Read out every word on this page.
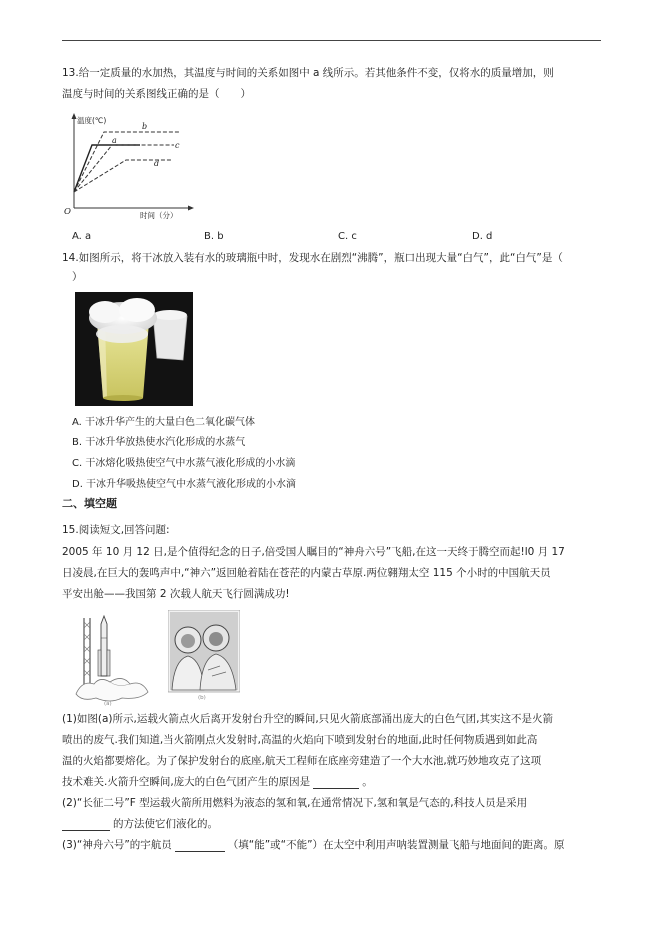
13.给一定质量的水加热，其温度与时间的关系如图中 a 线所示。若其他条件不变，仅将水的质量增加，则
温度与时间的关系图线正确的是（　　）
温度(℃)
时间（分）
O
b
a
c
d
A. a	B. b	C. c	D. d
14.如图所示，将干冰放入装有水的玻璃瓶中时，发现水在剧烈“沸腾”，瓶口出现大量“白气”，此“白气”是（
）
A. 干冰升华产生的大量白色二氧化碳气体
B. 干冰升华放热使水汽化形成的水蒸气
C. 干冰熔化吸热使空气中水蒸气液化形成的小水滴
D. 干冰升华吸热使空气中水蒸气液化形成的小水滴
二、填空题
15.阅读短文,回答问题:
2005 年 10 月 12 日,是个值得纪念的日子,倍受国人瞩目的“神舟六号”飞船,在这一天终于腾空而起!l0 月 17
日凌晨,在巨大的轰鸣声中,“神六”返回舱着陆在苍茫的内蒙古草原.两位翱翔太空 115 个小时的中国航天员
平安出舱——我国第 2 次载人航天飞行圆满成功!
(a)
(b)
(1)如图(a)所示,运载火箭点火后离开发射台升空的瞬间,只见火箭底部涌出庞大的白色气团,其实这不是火箭
喷出的废气.我们知道,当火箭刚点火发射时,高温的火焰向下喷到发射台的地面,此时任何物质遇到如此高
温的火焰都要熔化。为了保护发射台的底座,航天工程师在底座旁建造了一个大水池,就巧妙地攻克了这项
技术难关.火箭升空瞬间,庞大的白色气团产生的原因是	。
(2)“长征二号”F 型运载火箭所用燃料为液态的氢和氧,在通常情况下,氢和氧是气态的,科技人员是采用
的方法使它们液化的。
(3)“神舟六号”的宇航员	（填“能”或“不能”）在太空中利用声呐装置测量飞船与地面间的距离。原
